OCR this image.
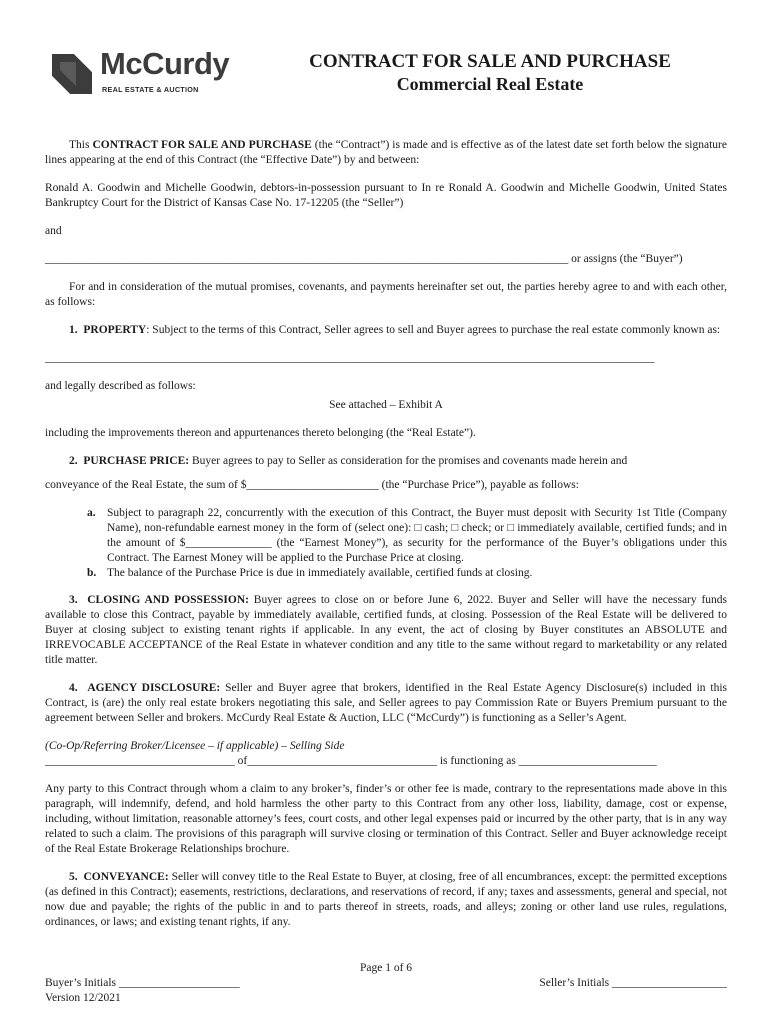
McCurdy
REAL ESTATE & AUCTION
CONTRACT FOR SALE AND PURCHASE
Commercial Real Estate

This CONTRACT FOR SALE AND PURCHASE (the “Contract”) is made and is effective as of the latest date set forth below the signature lines appearing at the end of this Contract (the “Effective Date”) by and between:

Ronald A. Goodwin and Michelle Goodwin, debtors-in-possession pursuant to In re Ronald A. Goodwin and Michelle Goodwin, United States Bankruptcy Court for the District of Kansas Case No. 17-12205 (the “Seller”)

and

___________________________________________________________________________________________ or assigns (the “Buyer”)

For and in consideration of the mutual promises, covenants, and payments hereinafter set out, the parties hereby agree to and with each other, as follows:

1. PROPERTY: Subject to the terms of this Contract, Seller agrees to sell and Buyer agrees to purchase the real estate commonly known as:

__________________________________________________________________________________________________________

and legally described as follows:

See attached – Exhibit A

including the improvements thereon and appurtenances thereto belonging (the “Real Estate”).

2. PURCHASE PRICE: Buyer agrees to pay to Seller as consideration for the promises and covenants made herein and

conveyance of the Real Estate, the sum of $_______________________ (the “Purchase Price”), payable as follows:

a. Subject to paragraph 22, concurrently with the execution of this Contract, the Buyer must deposit with Security 1st Title (Company Name), non-refundable earnest money in the form of (select one): □ cash; □ check; or □ immediately available, certified funds; and in the amount of $_______________ (the “Earnest Money”), as security for the performance of the Buyer’s obligations under this Contract. The Earnest Money will be applied to the Purchase Price at closing.
b. The balance of the Purchase Price is due in immediately available, certified funds at closing.

3. CLOSING AND POSSESSION: Buyer agrees to close on or before June 6, 2022. Buyer and Seller will have the necessary funds available to close this Contract, payable by immediately available, certified funds, at closing. Possession of the Real Estate will be delivered to Buyer at closing subject to existing tenant rights if applicable. In any event, the act of closing by Buyer constitutes an ABSOLUTE and IRREVOCABLE ACCEPTANCE of the Real Estate in whatever condition and any title to the same without regard to marketability or any related title matter.

4. AGENCY DISCLOSURE: Seller and Buyer agree that brokers, identified in the Real Estate Agency Disclosure(s) included in this Contract, is (are) the only real estate brokers negotiating this sale, and Seller agrees to pay Commission Rate or Buyers Premium pursuant to the agreement between Seller and brokers. McCurdy Real Estate & Auction, LLC (“McCurdy”) is functioning as a Seller’s Agent.

(Co-Op/Referring Broker/Licensee – if applicable) – Selling Side
_________________________________ of_________________________________ is functioning as ________________________

Any party to this Contract through whom a claim to any broker’s, finder’s or other fee is made, contrary to the representations made above in this paragraph, will indemnify, defend, and hold harmless the other party to this Contract from any other loss, liability, damage, cost or expense, including, without limitation, reasonable attorney’s fees, court costs, and other legal expenses paid or incurred by the other party, that is in any way related to such a claim. The provisions of this paragraph will survive closing or termination of this Contract. Seller and Buyer acknowledge receipt of the Real Estate Brokerage Relationships brochure.

5. CONVEYANCE: Seller will convey title to the Real Estate to Buyer, at closing, free of all encumbrances, except: the permitted exceptions (as defined in this Contract); easements, restrictions, declarations, and reservations of record, if any; taxes and assessments, general and special, not now due and payable; the rights of the public in and to parts thereof in streets, roads, and alleys; zoning or other land use rules, regulations, ordinances, or laws; and existing tenant rights, if any.

Page 1 of 6
Buyer’s Initials _____________________	Seller’s Initials ____________________
Version 12/2021
